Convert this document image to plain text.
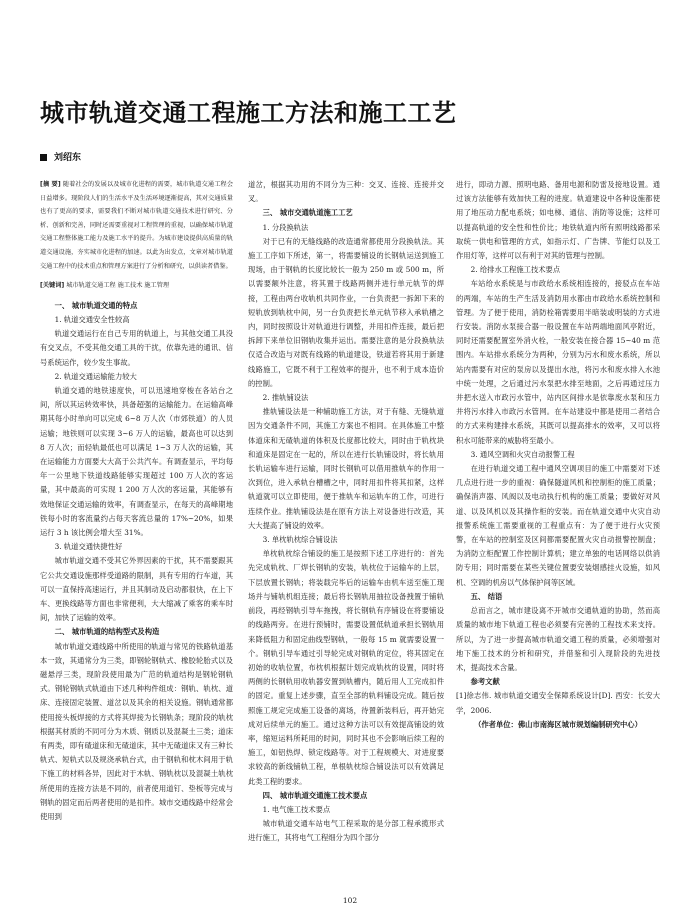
城市轨道交通工程施工方法和施工工艺
刘绍东

[摘 要] 随着社会的发展以及城市化进程的需要，城市轨道交通工程会日益增多。现阶段人们的生活水平及生活环境逐渐提高，其对交通质量也有了更高的要求，需要我们不断对城市轨道交通技术进行研究、分析、创新和完善，同时还需要重视对工程管理的重视，以确保城市轨道交通工程整体施工能力及施工水平的提升。为城市建设提供高质量的轨道交通设施，夯实城市化进程的加速。以此为出发点，文章对城市轨道交通工程中的技术重点和管理方案进行了分析和研究，以供读者借鉴。

[关键词] 城市轨道交通工程 施工技术 施工管理

一、 城市轨道交通的特点

1. 轨道交通安全性较高

轨道交通运行在自己专用的轨道上，与其他交通工具没有交叉点，不受其他交通工具的干扰，依靠先进的通讯、信号系统运作，较少发生事故。

2. 轨道交通运输能力较大

轨道交通的地铁速度快，可以迅速地穿梭在各站台之间，所以其运转效率快，具备超强的运输能力。在运输高峰期其每小时单向可以完成 6~8 万人次（市郊铁道）的人员运输；地铁则可以实现 3~6 万人的运输，最高也可以达到 8 万人次；而轻轨最低也可以满足 1~3 万人次的运输，其在运输能力方面要大大高于公共汽车。有调查显示，平均每年一公里地下铁道线路能够实现超过 100 万人次的客运量，其中最高的可实现 1 200 万人次的客运量，其能够有效地保证交通运输的效率，有调查显示，在每天的高峰期地铁每小时的客流量约占每天客流总量的 17%~20%，如果运行 3 h 该比例会增大至 31%。

3. 轨道交通快捷性好

城市轨道交通不受其它外界因素的干扰，其不需要跟其它公共交通设施那样受道路的限制，具有专用的行车道，其可以一直保持高速运行，并且其制动及启动都很快，在上下车、更换线路等方面也非常便利，大大缩减了乘客的乘车时间，加快了运输的效率。

二、 城市轨道的结构型式及构造

城市轨道交通线路中所使用的轨道与常见的铁路轨道基本一致，其通常分为三类，即钢轮钢轨式、橡胶轮胎式以及磁悬浮三类，现阶段使用最为广范的轨道结构是钢轮钢轨式。钢轮钢轨式轨道由下述几种构件组成：钢轨、轨枕、道床、连接固定装置、道岔以及其余的相关设施。钢轨通常都使用接头板焊接的方式将其焊接为长钢轨条；现阶段的轨枕根据其材质的不同可分为木质、钢质以及混凝土三类；道床有两类，即有碴道床和无碴道床，其中无碴道床又有三种长轨式、短轨式以及规浇承轨台式，由于钢轨和枕木间用于轨下施工的材料各异，因此对于木轨、钢轨枕以及混凝土轨枕所使用的连接方法是不同的，前者使用道钉、垫板等完成与钢轨的固定而后两者使用的是扣件。城市交通线路中经常会使用到

道岔，根据其功用的不同分为三种：交叉、连接、连接并交叉。

三、 城市交通轨道施工工艺

1. 分段换轨法

对于已有的无缝线路的改造通常都使用分段换轨法。其施工工序如下所述，第一，将需要铺设的长钢轨运送到施工现场，由于钢轨的长度比较长一般为 250 m 或 500 m，所以需要额外注意，将其置于线路两侧并进行单元轨节的焊接，工程由两台收轨机共同作业，一台负责把一拆卸下来的短轨放到轨枕中间，另一台负责把长单元轨节移入承轨槽之内，同时按照设计对轨道进行调整，并用扣件连接，最后把拆卸下来单位旧钢轨收集并运出。需要注意的是分段换轨法仅适合改造与对既有线路的轨道建设，铁道若将其用于新建线路施工，它既不利于工程效率的提升，也不利于成本造价的控制。

2. 推轨铺设法

推轨铺设法是一种辅助施工方法，对于有缝、无缝轨道因为交通条件不同，其施工方案也不相同。在具体施工中整体道床和无碴轨道的体积及长度都比较大，同时由于轨枕块和道床是固定在一起的，所以在进行长轨铺设时，将长轨用长轨运输车进行运输，同时长钢轨可以借用推轨车的作用一次到位，进入承轨台槽槽之中，同时用扣件将其扣紧，这样轨道就可以立即使用，便于推轨车和运轨车的工作，可进行连续作业。推轨铺设法是在原有方法上对设备进行改造，其大大提高了铺设的效率。

3. 单枕轨枕综合铺设法

单枕轨枕综合铺设的施工是按照下述工序进行的：首先先完成轨枕、厂焊长钢轨的安装，轨枕位于运输车的上层，下层放置长钢轨；将装载完毕后的运输车由机车送至施工现场并与铺轨机组连接；最后将长钢轨用抽拉设备拽置于铺轨前段，再经钢轨引导车拖拽，将长钢轨有序铺设在将要铺设的线路两旁。在进行预铺时，需要设置低轨道承担长钢轨用来降低阻力和固定曲线型钢轨，一般每 15 m 就需要设置一个。钢轨引导车通过引导轮完成对钢轨的定位，将其固定在初始的收轨位置，布枕机根据计划完成轨枕的设置，同时将两侧的长钢轨用收轨器安置到轨槽内，随后用人工完成扣件的固定。重复上述步骤，直至全部的轨料铺设完成。随后按照施工规定完成施工设备的离场，待置新装料后，再开始完成对后续单元的施工。通过这种方法可以有效提高铺设的效率，缩短运料所耗用的时间，同时其也不会影响后续工程的施工，如铝热焊、锁定线路等。对于工程规模大、对进度要求较高的新线铺轨工程，单根轨枕综合铺设法可以有效满足此类工程的要求。

四、 城市轨道交通施工技术要点

1. 电气施工技术要点

城市轨道交通车站电气工程采取的是分部工程承揽形式进行施工，其将电气工程细分为四个部分

进行，即动力源、照明电路、备用电源和防雷及接地设置。通过该方法能够有效加快工程的进度。轨道建设中各种设施都使用了地压动力配电系统；如电梯、通信、消防等设施；这样可以提高轨道的安全性和性价比；地铁轨道内所有照明线路都采取统一供电和管理的方式，如指示灯、广告牌、节能灯以及工作用灯等，这样可以有利于对其的管理与控制。

2. 给排水工程施工技术要点

车站给水系统是与市政给水系统相连接的，接驳点在车站的两端，车站的生产生活及消防用水都由市政给水系统控制和管理。为了便于使用，消防栓箱需要用半暗装或明装的方式进行安装。消防水泵接合器一般设置在车站两端地面风亭附近，同时还需要配置室外消火栓，一般安装在接合器 15~40 m 范围内。车站排水系统分为两种，分别为污水和废水系统，所以站内需要有对应的泵房以及提出水池，将污水和废水排入水池中统一处理，之后通过污水泵把水排至地面，之后再通过压力井把水送入市政污水管中，站内区间排水是依靠废水泵和压力井将污水排入市政污水管网。在车站建设中都是使用二者结合的方式来构建排水系统，其既可以提高排水的效率，又可以将积水可能带来的威胁将至最小。

3. 通风空调和火灾自动报警工程

在进行轨道交通工程中通风空调项目的施工中需要对下述几点进行进一步的重视：确保隧道风机和控制柜的施工质量；确保消声器、风阀以及电动执行机构的施工质量；要做好对风道、以及风机以及其操作柜的安装。而在轨道交通中火灾自动报警系统施工需要重视的工程重点有：为了便于进行火灾预警，在车站的控制室及区间都需要配置火灾自动报警控制盘；为消防立柜配置工作控制计算机；建立单独的电话网络以供消防专用；同时需要在某些关键位置要安装烟感挂火设施，如风机、空调的机房以气体保护间等区域。

五、 结语

总而言之，城市建设离不开城市交通轨道的协助，然而高质量的城市地下轨道工程也必须要有完善的工程技术来支持。所以，为了进一步提高城市轨道交通工程的质量，必须增强对地下施工技术的分析和研究，并借鉴和引入现阶段的先进技术，提高技术含量。

参考文献

[1]徐志伟. 城市轨道交通安全保障系统设计[D]. 西安：长安大学，2006.

（作者单位：佛山市南海区城市规划编制研究中心）

102
